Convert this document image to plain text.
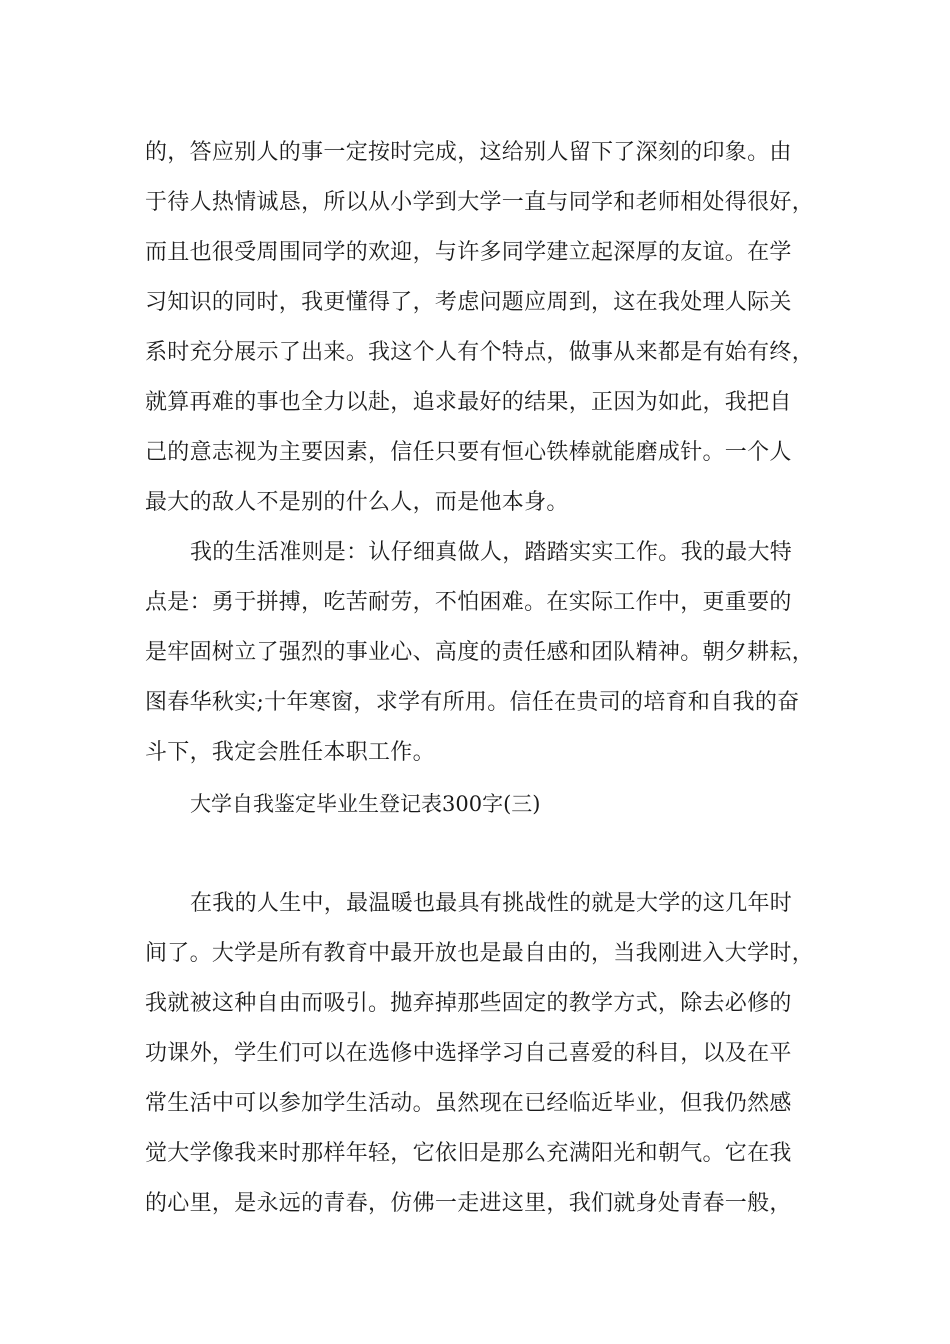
的，答应别人的事一定按时完成，这给别人留下了深刻的印象。由
于待人热情诚恳，所以从小学到大学一直与同学和老师相处得很好，
而且也很受周围同学的欢迎，与许多同学建立起深厚的友谊。在学
习知识的同时，我更懂得了，考虑问题应周到，这在我处理人际关
系时充分展示了出来。我这个人有个特点，做事从来都是有始有终，
就算再难的事也全力以赴，追求最好的结果，正因为如此，我把自
己的意志视为主要因素，信任只要有恒心铁棒就能磨成针。一个人
最大的敌人不是别的什么人，而是他本身。
我的生活准则是：认仔细真做人，踏踏实实工作。我的最大特
点是：勇于拼搏，吃苦耐劳，不怕困难。在实际工作中，更重要的
是牢固树立了强烈的事业心、高度的责任感和团队精神。朝夕耕耘，
图春华秋实;十年寒窗，求学有所用。信任在贵司的培育和自我的奋
斗下，我定会胜任本职工作。
大学自我鉴定毕业生登记表300字(三)
在我的人生中，最温暖也最具有挑战性的就是大学的这几年时
间了。大学是所有教育中最开放也是最自由的，当我刚进入大学时，
我就被这种自由而吸引。抛弃掉那些固定的教学方式，除去必修的
功课外，学生们可以在选修中选择学习自己喜爱的科目，以及在平
常生活中可以参加学生活动。虽然现在已经临近毕业，但我仍然感
觉大学像我来时那样年轻，它依旧是那么充满阳光和朝气。它在我
的心里，是永远的青春，仿佛一走进这里，我们就身处青春一般，
